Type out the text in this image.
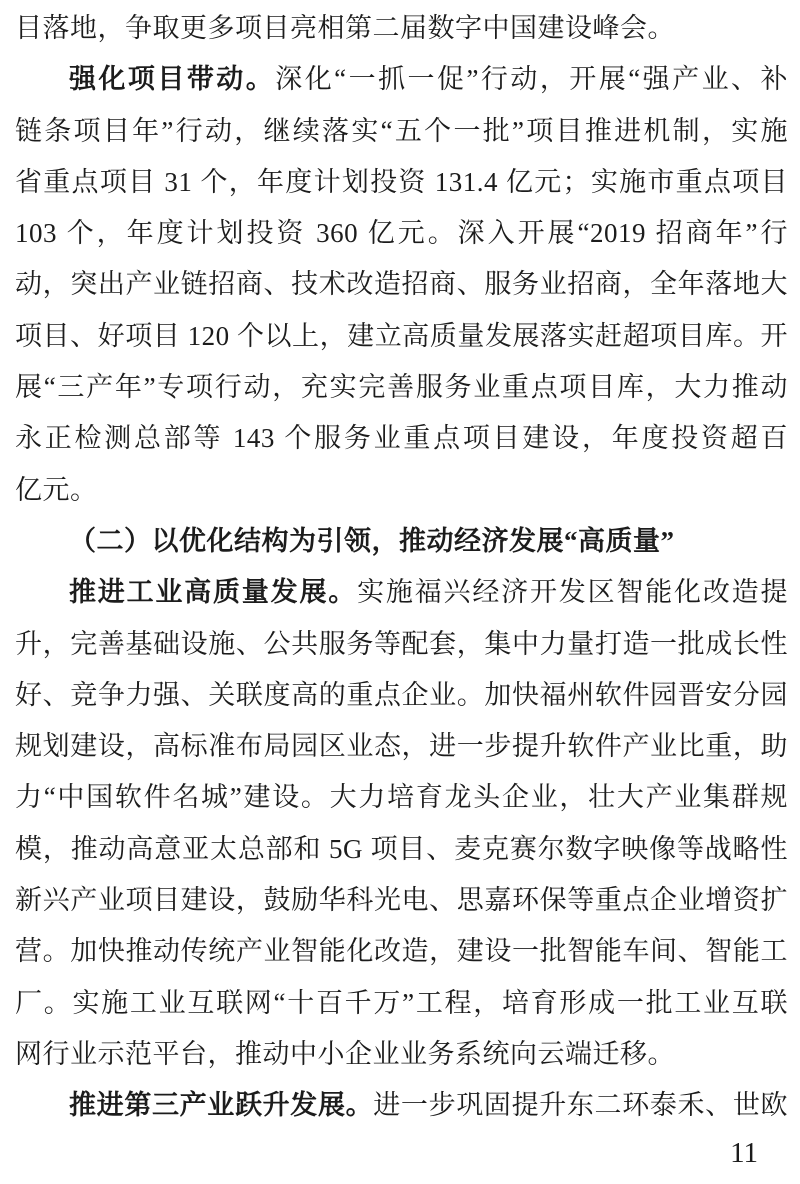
目落地，争取更多项目亮相第二届数字中国建设峰会。
强化项目带动。深化“一抓一促”行动，开展“强产业、补
链条项目年”行动，继续落实“五个一批”项目推进机制，实施
省重点项目 31 个，年度计划投资 131.4 亿元；实施市重点项目
103 个，年度计划投资 360 亿元。深入开展“2019 招商年”行
动，突出产业链招商、技术改造招商、服务业招商，全年落地大
项目、好项目 120 个以上，建立高质量发展落实赶超项目库。开
展“三产年”专项行动，充实完善服务业重点项目库，大力推动
永正检测总部等 143 个服务业重点项目建设，年度投资超百
亿元。
（二）以优化结构为引领，推动经济发展“高质量”
推进工业高质量发展。实施福兴经济开发区智能化改造提
升，完善基础设施、公共服务等配套，集中力量打造一批成长性
好、竞争力强、关联度高的重点企业。加快福州软件园晋安分园
规划建设，高标准布局园区业态，进一步提升软件产业比重，助
力“中国软件名城”建设。大力培育龙头企业，壮大产业集群规
模，推动高意亚太总部和 5G 项目、麦克赛尔数字映像等战略性
新兴产业项目建设，鼓励华科光电、思嘉环保等重点企业增资扩
营。加快推动传统产业智能化改造，建设一批智能车间、智能工
厂。实施工业互联网“十百千万”工程，培育形成一批工业互联
网行业示范平台，推动中小企业业务系统向云端迁移。
推进第三产业跃升发展。进一步巩固提升东二环泰禾、世欧
11
